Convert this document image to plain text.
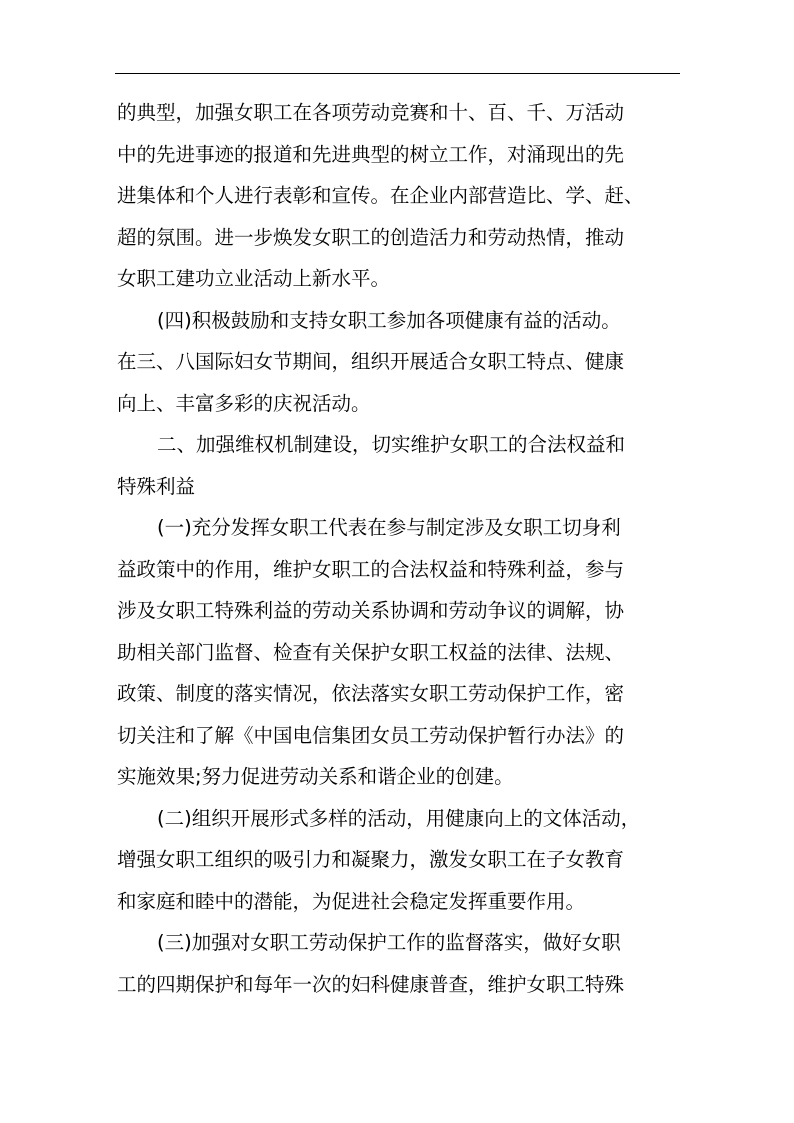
的典型，加强女职工在各项劳动竞赛和十、百、千、万活动
中的先进事迹的报道和先进典型的树立工作，对涌现出的先
进集体和个人进行表彰和宣传。在企业内部营造比、学、赶、
超的氛围。进一步焕发女职工的创造活力和劳动热情，推动
女职工建功立业活动上新水平。
(四)积极鼓励和支持女职工参加各项健康有益的活动。
在三、八国际妇女节期间，组织开展适合女职工特点、健康
向上、丰富多彩的庆祝活动。
二、加强维权机制建设，切实维护女职工的合法权益和
特殊利益
(一)充分发挥女职工代表在参与制定涉及女职工切身利
益政策中的作用，维护女职工的合法权益和特殊利益，参与
涉及女职工特殊利益的劳动关系协调和劳动争议的调解，协
助相关部门监督、检查有关保护女职工权益的法律、法规、
政策、制度的落实情况，依法落实女职工劳动保护工作，密
切关注和了解《中国电信集团女员工劳动保护暂行办法》的
实施效果;努力促进劳动关系和谐企业的创建。
(二)组织开展形式多样的活动，用健康向上的文体活动，
增强女职工组织的吸引力和凝聚力，激发女职工在子女教育
和家庭和睦中的潜能，为促进社会稳定发挥重要作用。
(三)加强对女职工劳动保护工作的监督落实，做好女职
工的四期保护和每年一次的妇科健康普查，维护女职工特殊
